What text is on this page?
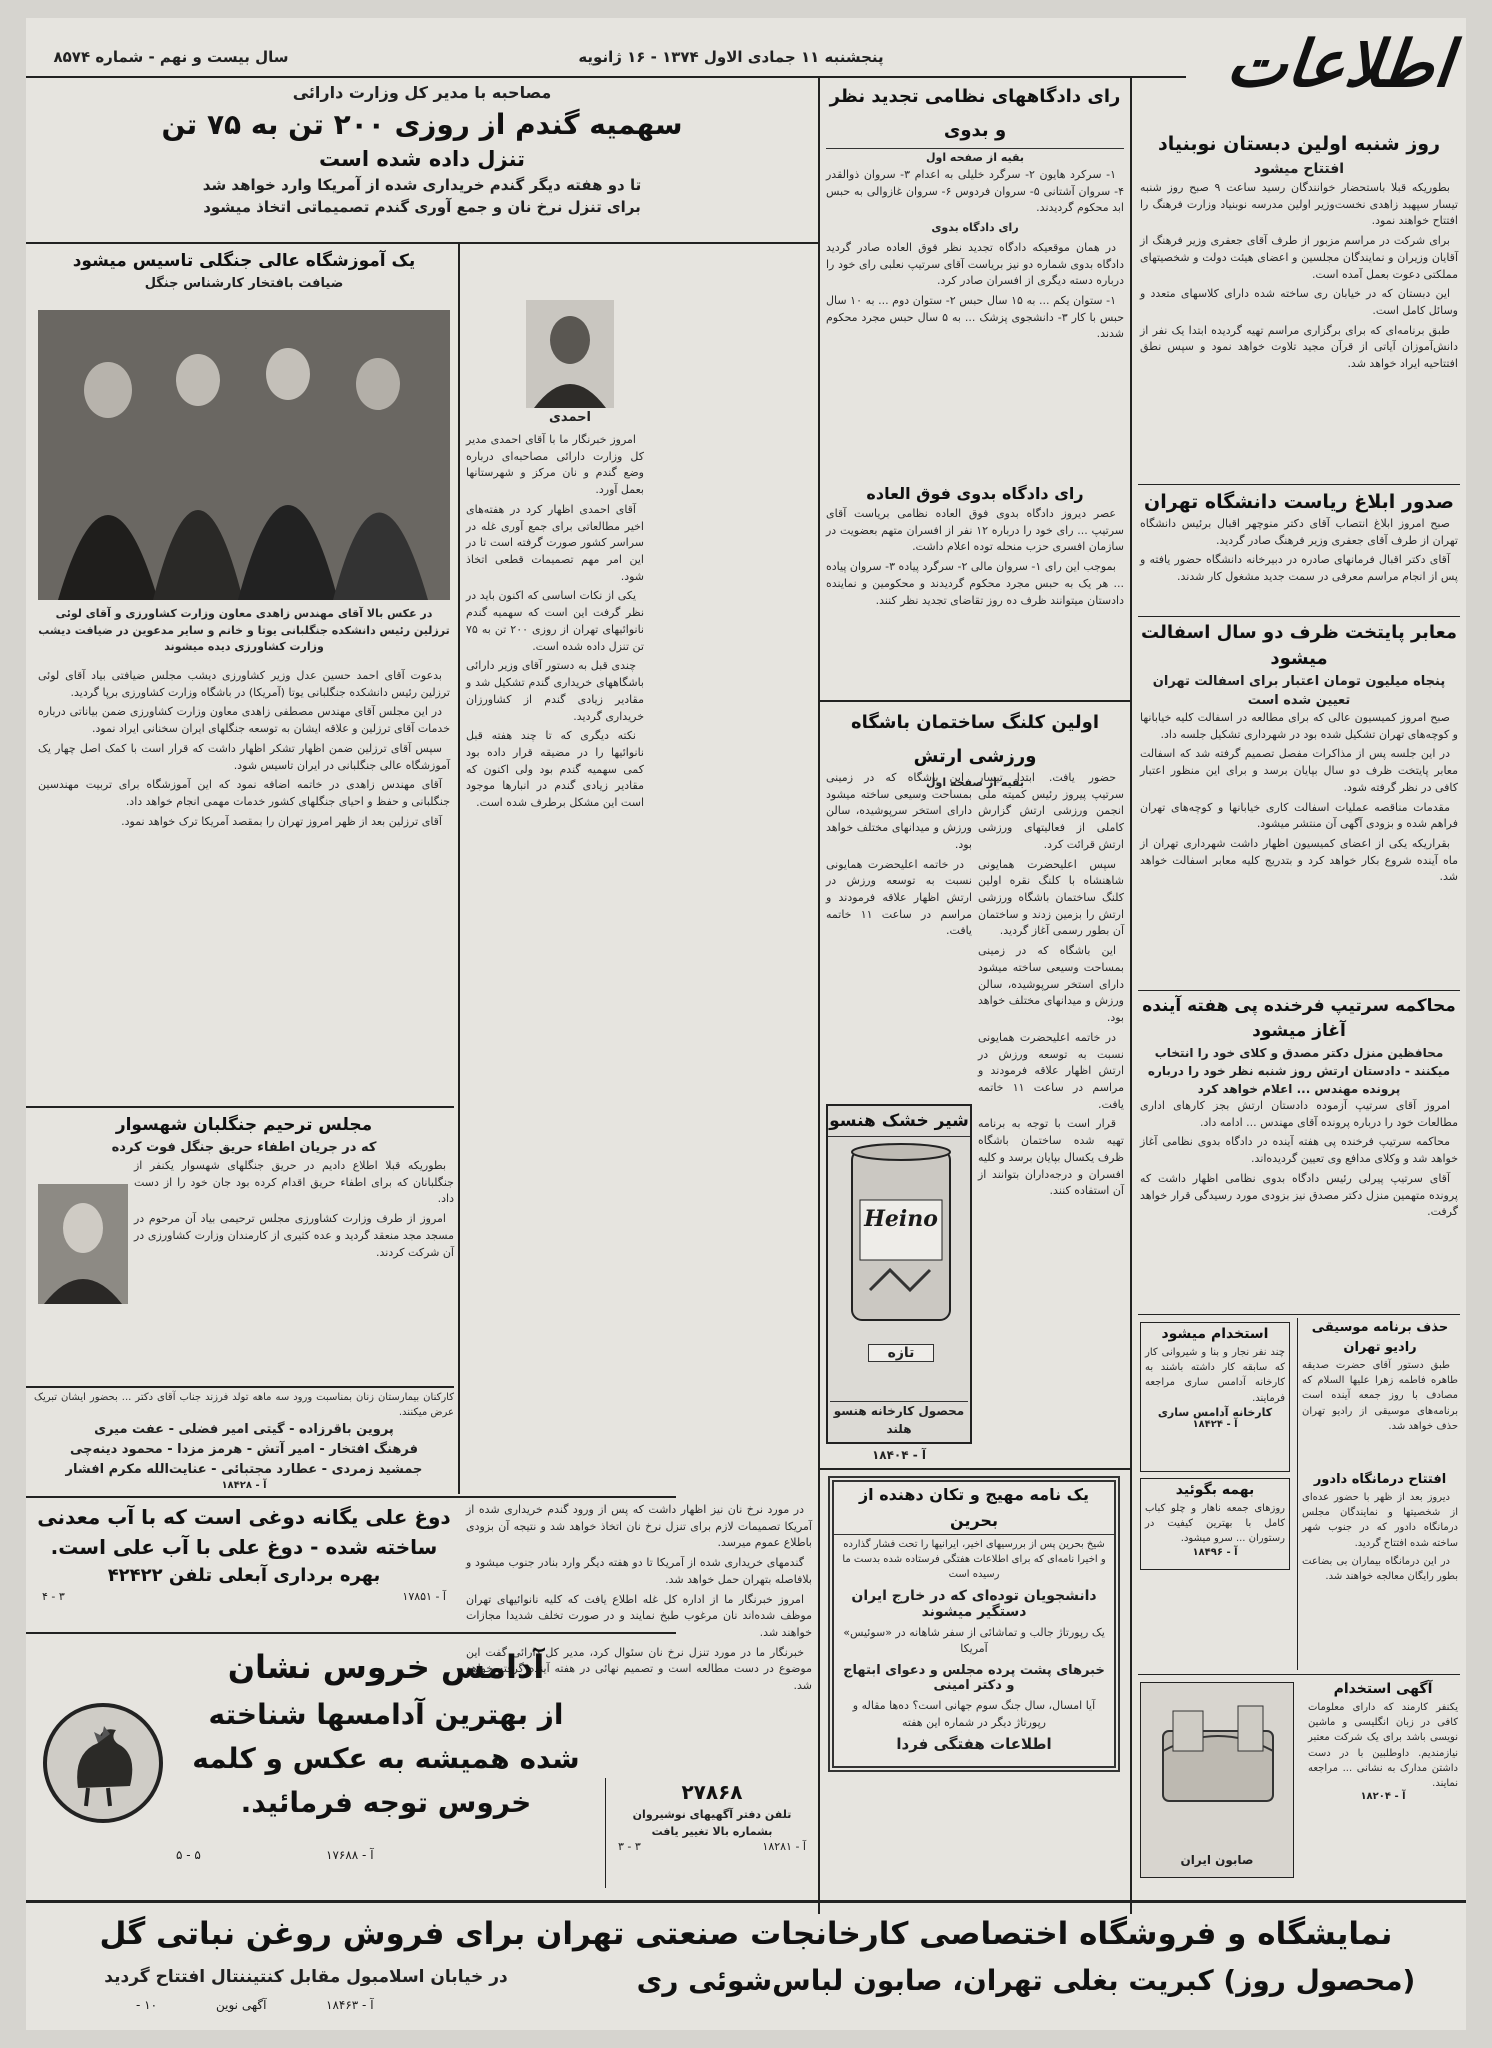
اطلاعات
پنجشنبه ۱۱ جمادی الاول ۱۳۷۴ - ۱۶ ژانویه
سال بیست و نهم - شماره ۸۵۷۴
روز شنبه اولین دبستان نوبنیاد
افتتاح میشود

بطوریکه قبلا باستحضار خوانندگان رسید ساعت ۹ صبح روز شنبه تیسار سپهبد زاهدی نخست‌وزیر اولین مدرسه نوبنیاد وزارت فرهنگ را افتتاح خواهند نمود.

برای شرکت در مراسم مزبور از طرف آقای جعفری وزیر فرهنگ از آقایان وزیران و نمایندگان مجلسین و اعضای هیئت دولت و شخصیتهای مملکتی دعوت بعمل آمده است.

این دبستان که در خیابان ری ساخته شده دارای کلاسهای متعدد و وسائل کامل است.

طبق برنامه‌ای که برای برگزاری مراسم تهیه گردیده ابتدا یک نفر از دانش‌آموزان آیاتی از قرآن مجید تلاوت خواهد نمود و سپس نطق افتتاحیه ایراد خواهد شد.

صدور ابلاغ ریاست دانشگاه تهران

صبح امروز ابلاغ انتصاب آقای دکتر منوچهر اقبال برئیس دانشگاه تهران از طرف آقای جعفری وزیر فرهنگ صادر گردید.

آقای دکتر اقبال فرمانهای صادره در دبیرخانه دانشگاه حضور یافته و پس از انجام مراسم معرفی در سمت جدید مشغول کار شدند.

معابر پایتخت ظرف دو سال اسفالت میشود
پنجاه میلیون تومان اعتبار برای اسفالت تهران تعیین شده است

صبح امروز کمیسیون عالی که برای مطالعه در اسفالت کلیه خیابانها و کوچه‌های تهران تشکیل شده بود در شهرداری تشکیل جلسه داد.

در این جلسه پس از مذاکرات مفصل تصمیم گرفته شد که اسفالت معابر پایتخت ظرف دو سال بپایان برسد و برای این منظور اعتبار کافی در نظر گرفته شود.

مقدمات مناقصه عملیات اسفالت کاری خیابانها و کوچه‌های تهران فراهم شده و بزودی آگهی آن منتشر میشود.

بقراریکه یکی از اعضای کمیسیون اظهار داشت شهرداری تهران از ماه آینده شروع بکار خواهد کرد و بتدریج کلیه معابر اسفالت خواهد شد.

محاکمه سرتیپ فرخنده پی هفته آینده آغاز میشود
محافظین منزل دکتر مصدق و کلای خود را انتخاب میکنند - دادستان ارتش روز شنبه نظر خود را درباره پرونده مهندس ... اعلام خواهد کرد

امروز آقای سرتیپ آزموده دادستان ارتش بجز کارهای اداری مطالعات خود را درباره پرونده آقای مهندس ... ادامه داد.

محاکمه سرتیپ فرخنده پی هفته آینده در دادگاه بدوی نظامی آغاز خواهد شد و وکلای مدافع وی تعیین گردیده‌اند.

آقای سرتیپ پیرلی رئیس دادگاه بدوی نظامی اظهار داشت که پرونده متهمین منزل دکتر مصدق نیز بزودی مورد رسیدگی قرار خواهد گرفت.

حذف برنامه موسیقی رادیو تهران

طبق دستور آقای حضرت صدیقه طاهره فاطمه زهرا علیها السلام که مصادف با روز جمعه آینده است برنامه‌های موسیقی از رادیو تهران حذف خواهد شد.

افتتاح درمانگاه دادور

دیروز بعد از ظهر با حضور عده‌ای از شخصیتها و نمایندگان مجلس درمانگاه دادور که در جنوب شهر ساخته شده افتتاح گردید.

در این درمانگاه بیماران بی بضاعت بطور رایگان معالجه خواهند شد.

استخدام میشود
چند نفر نجار و بنا و شیروانی کار که سابقه کار داشته باشند به کارخانه آدامس ساری مراجعه فرمایند.
کارخانه آدامس ساری
آ - ۱۸۴۲۴
بهمه بگوئید
روزهای جمعه ناهار و چلو کباب کامل با بهترین کیفیت در رستوران ... سرو میشود.
آ - ۱۸۴۹۶
آگهی استخدام
یکنفر کارمند که دارای معلومات کافی در زبان انگلیسی و ماشین نویسی باشد برای یک شرکت معتبر نیازمندیم. داوطلبین با در دست داشتن مدارک به نشانی ... مراجعه نمایند.
آ - ۱۸۲۰۴
صابون ایران
رای دادگاههای نظامی تجدید نظر و بدوی
بقیه از صفحه اول

۱- سرکرد هایون ۲- سرگرد خلیلی به اعدام ۳- سروان ذوالقدر ۴- سروان آشتانی ۵- سروان فردوس ۶- سروان غازوالی به حبس ابد محکوم گردیدند.

رای دادگاه بدوی

در همان موقعیکه دادگاه تجدید نظر فوق العاده صادر گردید دادگاه بدوی شماره دو نیز بریاست آقای سرتیپ نعلبی رای خود را درباره دسته دیگری از افسران صادر کرد.

۱- ستوان یکم ... به ۱۵ سال حبس ۲- ستوان دوم ... به ۱۰ سال حبس با کار ۳- دانشجوی پزشک ... به ۵ سال حبس مجرد محکوم شدند.

رای دادگاه بدوی فوق العاده

عصر دیروز دادگاه بدوی فوق العاده نظامی بریاست آقای سرتیپ ... رای خود را درباره ۱۲ نفر از افسران متهم بعضویت در سازمان افسری حزب منحله توده اعلام داشت.

بموجب این رای ۱- سروان مالی ۲- سرگرد پیاده ۳- سروان پیاده ... هر یک به حبس مجرد محکوم گردیدند و محکومین و نماینده دادستان میتوانند ظرف ده روز تقاضای تجدید نظر کنند.

اولین کلنگ ساختمان باشگاه ورزشی ارتش
بقیه از صفحه اول

حضور یافت. ابتدا تیسار سرتیپ پیروز رئیس کمیته ملی انجمن ورزشی ارتش گزارش کاملی از فعالیتهای ورزشی ارتش قرائت کرد.

سپس اعلیحضرت همایونی شاهنشاه با کلنگ نقره اولین کلنگ ساختمان باشگاه ورزشی ارتش را بزمین زدند و ساختمان آن بطور رسمی آغاز گردید.

این باشگاه که در زمینی بمساحت وسیعی ساخته میشود دارای استخر سرپوشیده، سالن ورزش و میدانهای مختلف خواهد بود.

در خاتمه اعلیحضرت همایونی نسبت به توسعه ورزش در ارتش اظهار علاقه فرمودند و مراسم در ساعت ۱۱ خاتمه یافت.

قرار است با توجه به برنامه تهیه شده ساختمان باشگاه ظرف یکسال بپایان برسد و کلیه افسران و درجه‌داران بتوانند از آن استفاده کنند.

این باشگاه که در زمینی بمساحت وسیعی ساخته میشود دارای استخر سرپوشیده، سالن ورزش و میدانهای مختلف خواهد بود.

در خاتمه اعلیحضرت همایونی نسبت به توسعه ورزش در ارتش اظهار علاقه فرمودند و مراسم در ساعت ۱۱ خاتمه یافت.

شیر خشک هنسو
Heino
تازه
محصول کارخانه هنسو هلند
آ - ۱۸۴۰۴
یک نامه مهیج و تکان دهنده از بحرین
شیخ بحرین پس از بررسیهای اخیر، ایرانیها را تحت فشار گذارده و اخیرا نامه‌ای که برای اطلاعات هفتگی فرستاده شده بدست ما رسیده است
دانشجویان توده‌ای که در خارج ایران دستگیر میشوند
یک رپورتاژ جالب و تماشائی از سفر شاهانه در «سوئیس» آمریکا
خبرهای پشت پرده مجلس و دعوای ابتهاج و دکتر امینی
آیا امسال، سال جنگ سوم جهانی است؟ ده‌ها مقاله و رپورتاژ دیگر در شماره این هفته
اطلاعات هفتگی فردا
مصاحبه با مدیر کل وزارت دارائی
سهمیه گندم از روزی ۲۰۰ تن به ۷۵ تن
تنزل داده شده است
تا دو هفته دیگر گندم خریداری شده از آمریکا وارد خواهد شد
برای تنزل نرخ نان و جمع آوری گندم تصمیماتی اتخاذ میشود
احمدی

امروز خبرنگار ما با آقای احمدی مدیر کل وزارت دارائی مصاحبه‌ای درباره وضع گندم و نان مرکز و شهرستانها بعمل آورد.

آقای احمدی اظهار کرد در هفته‌های اخیر مطالعاتی برای جمع آوری غله در سراسر کشور صورت گرفته است تا در این امر مهم تصمیمات قطعی اتخاذ شود.

یکی از نکات اساسی که اکنون باید در نظر گرفت این است که سهمیه گندم نانوائیهای تهران از روزی ۲۰۰ تن به ۷۵ تن تنزل داده شده است.

چندی قبل به دستور آقای وزیر دارائی باشگاههای خریداری گندم تشکیل شد و مقادیر زیادی گندم از کشاورزان خریداری گردید.

نکته دیگری که تا چند هفته قبل نانوائیها را در مضیقه قرار داده بود کمی سهمیه گندم بود ولی اکنون که مقادیر زیادی گندم در انبارها موجود است این مشکل برطرف شده است.

یک آموزشگاه عالی جنگلی تاسیس میشود
ضیافت بافتخار کارشناس جنگل
در عکس بالا آقای مهندس زاهدی معاون وزارت کشاورزی و آقای لوئی ترزلین رئیس دانشکده جنگلبانی یوتا و خانم و سایر مدعوین در ضیافت دیشب وزارت کشاورزی دیده میشوند

بدعوت آقای احمد حسین عدل وزیر کشاورزی دیشب مجلس ضیافتی بیاد آقای لوئی ترزلین رئیس دانشکده جنگلبانی یوتا (آمریکا) در باشگاه وزارت کشاورزی برپا گردید.

در این مجلس آقای مهندس مصطفی زاهدی معاون وزارت کشاورزی ضمن بیاناتی درباره خدمات آقای ترزلین و علاقه ایشان به توسعه جنگلهای ایران سخنانی ایراد نمود.

سپس آقای ترزلین ضمن اظهار تشکر اظهار داشت که قرار است با کمک اصل چهار یک آموزشگاه عالی جنگلبانی در ایران تاسیس شود.

آقای مهندس زاهدی در خاتمه اضافه نمود که این آموزشگاه برای تربیت مهندسین جنگلبانی و حفظ و احیای جنگلهای کشور خدمات مهمی انجام خواهد داد.

آقای ترزلین بعد از ظهر امروز تهران را بمقصد آمریکا ترک خواهد نمود.

مجلس ترحیم جنگلبان شهسوار
که در جریان اطفاء حریق جنگل فوت کرده

بطوریکه قبلا اطلاع دادیم در حریق جنگلهای شهسوار یکنفر از جنگلبانان که برای اطفاء حریق اقدام کرده بود جان خود را از دست داد.

امروز از طرف وزارت کشاورزی مجلس ترحیمی بیاد آن مرحوم در مسجد مجد منعقد گردید و عده کثیری از کارمندان وزارت کشاورزی در آن شرکت کردند.

کارکنان بیمارستان زنان بمناسبت ورود سه ماهه تولد فرزند جناب آقای دکتر ... بحضور ایشان تبریک عرض میکنند.
پروین باقرزاده - گیتی امیر فضلی - عفت میری
فرهنگ افتخار - امیر آتش - هرمز مزدا - محمود دینه‌چی
جمشید زمردی - عطارد مجتبائی - عنایت‌الله مکرم افشار
آ - ۱۸۴۲۸
دوغ علی یگانه دوغی است که با آب معدنی
ساخته شده - دوغ علی با آب علی است.
بهره برداری آبعلی تلفن ۴۲۴۲۲
آ - ۱۷۸۵۱
۳ - ۴

در مورد نرخ نان نیز اظهار داشت که پس از ورود گندم خریداری شده از آمریکا تصمیمات لازم برای تنزل نرخ نان اتخاذ خواهد شد و نتیجه آن بزودی باطلاع عموم میرسد.

گندمهای خریداری شده از آمریکا تا دو هفته دیگر وارد بنادر جنوب میشود و بلافاصله بتهران حمل خواهد شد.

امروز خبرنگار ما از اداره کل غله اطلاع یافت که کلیه نانوائیهای تهران موظف شده‌اند نان مرغوب طبخ نمایند و در صورت تخلف شدیدا مجازات خواهند شد.

خبرنگار ما در مورد تنزل نرخ نان سئوال کرد، مدیر کل دارائی گفت این موضوع در دست مطالعه است و تصمیم نهائی در هفته آینده گرفته خواهد شد.

۲۷۸۶۸
تلفن دفتر آگهیهای نوشیروان
بشماره بالا تغییر یافت
آ - ۱۸۲۸۱
۳ - ۳
آدامس خروس نشان
از بهترین آدامسها شناخته
شده همیشه به عکس و کلمه
خروس توجه فرمائید.
آ - ۱۷۶۸۸
۵ - ۵
نمایشگاه و فروشگاه اختصاصی کارخانجات صنعتی تهران برای فروش روغن نباتی گل
(محصول روز) کبریت بغلی تهران، صابون لباس‌شوئی ری
در خیابان اسلامبول مقابل کنتیننتال افتتاح گردید
آ - ۱۸۴۶۳
آگهی نوین
۱۰ -
